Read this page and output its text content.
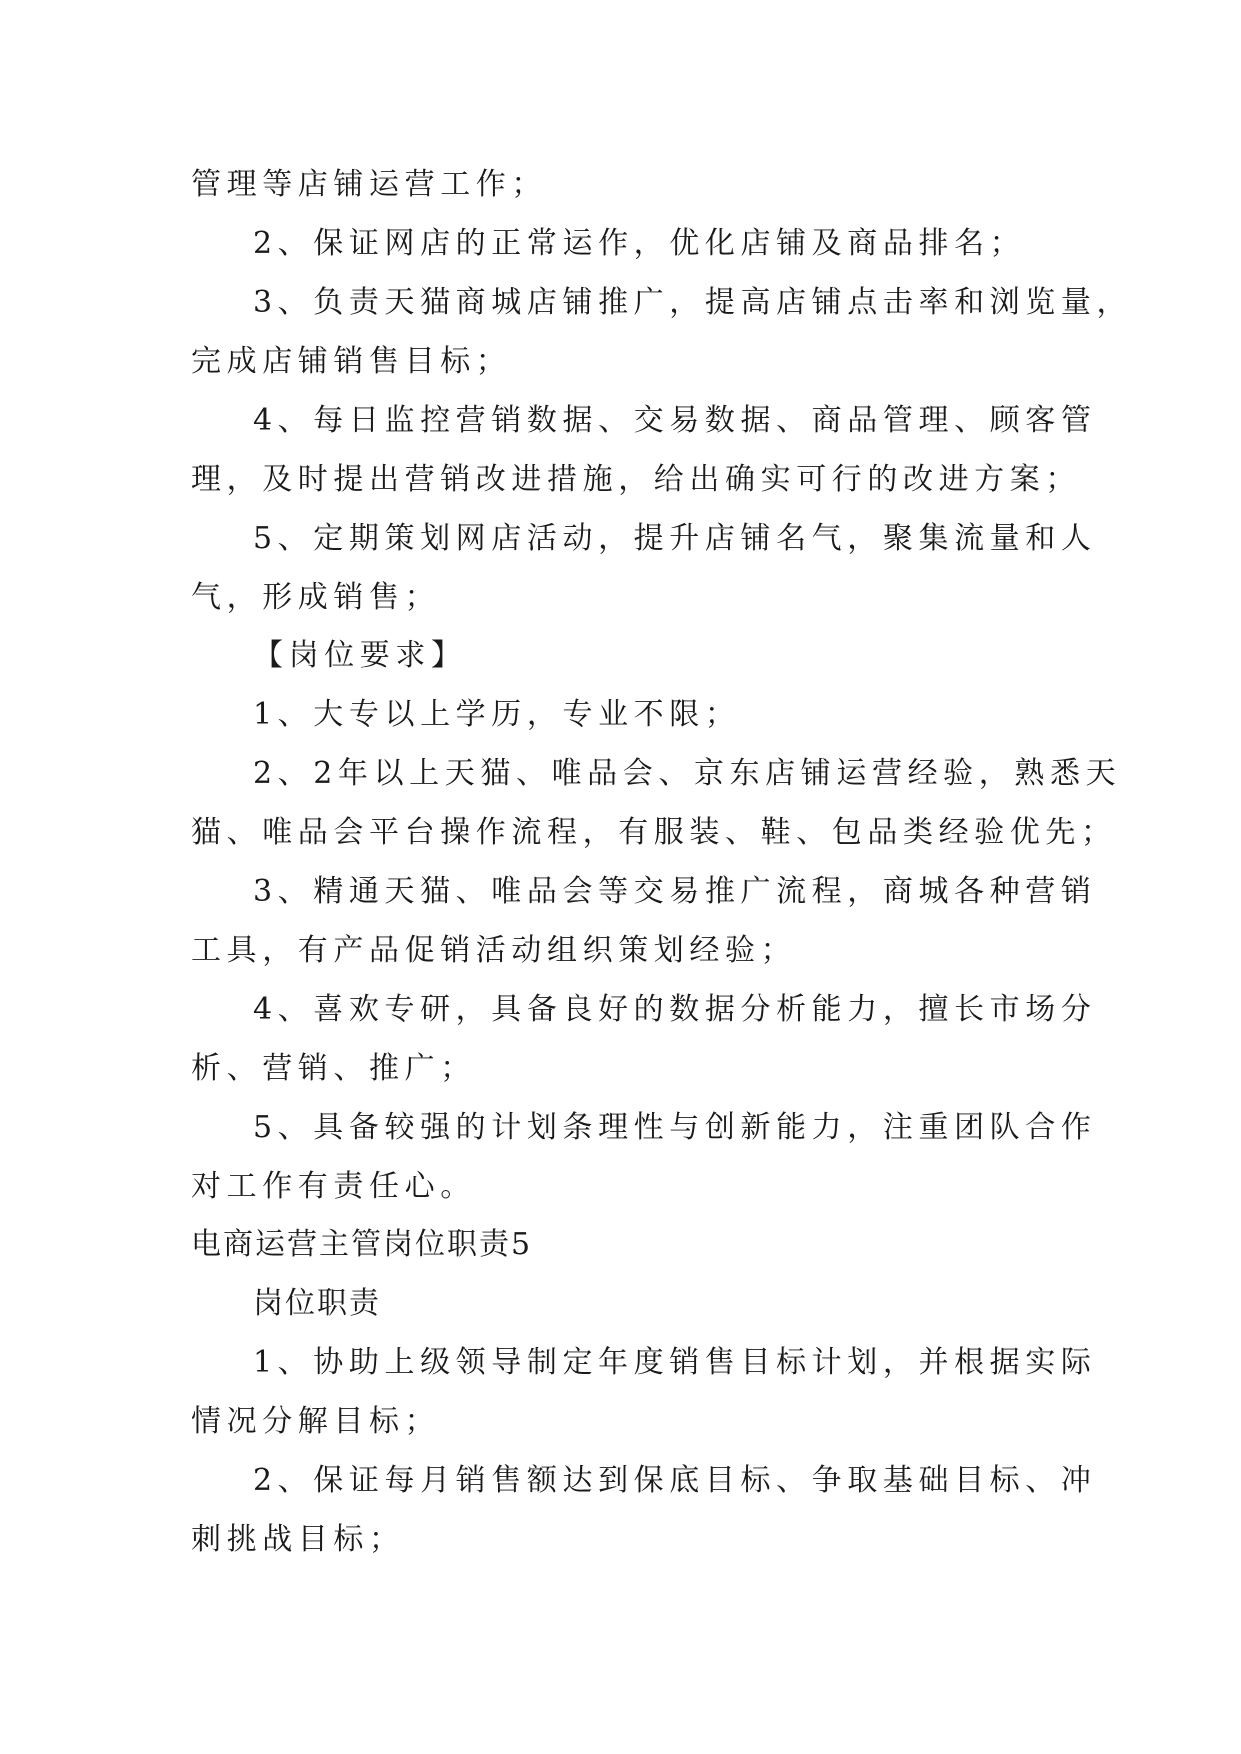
管理等店铺运营工作；
2、保证网店的正常运作，优化店铺及商品排名；
3、负责天猫商城店铺推广，提高店铺点击率和浏览量，
完成店铺销售目标；
4、每日监控营销数据、交易数据、商品管理、顾客管
理，及时提出营销改进措施，给出确实可行的改进方案；
5、定期策划网店活动，提升店铺名气，聚集流量和人
气，形成销售；
【岗位要求】
1、大专以上学历，专业不限；
2、2年以上天猫、唯品会、京东店铺运营经验，熟悉天
猫、唯品会平台操作流程，有服装、鞋、包品类经验优先；
3、精通天猫、唯品会等交易推广流程，商城各种营销
工具，有产品促销活动组织策划经验；
4、喜欢专研，具备良好的数据分析能力，擅长市场分
析、营销、推广；
5、具备较强的计划条理性与创新能力，注重团队合作
对工作有责任心。
电商运营主管岗位职责5
岗位职责
1、协助上级领导制定年度销售目标计划，并根据实际
情况分解目标；
2、保证每月销售额达到保底目标、争取基础目标、冲
刺挑战目标；
